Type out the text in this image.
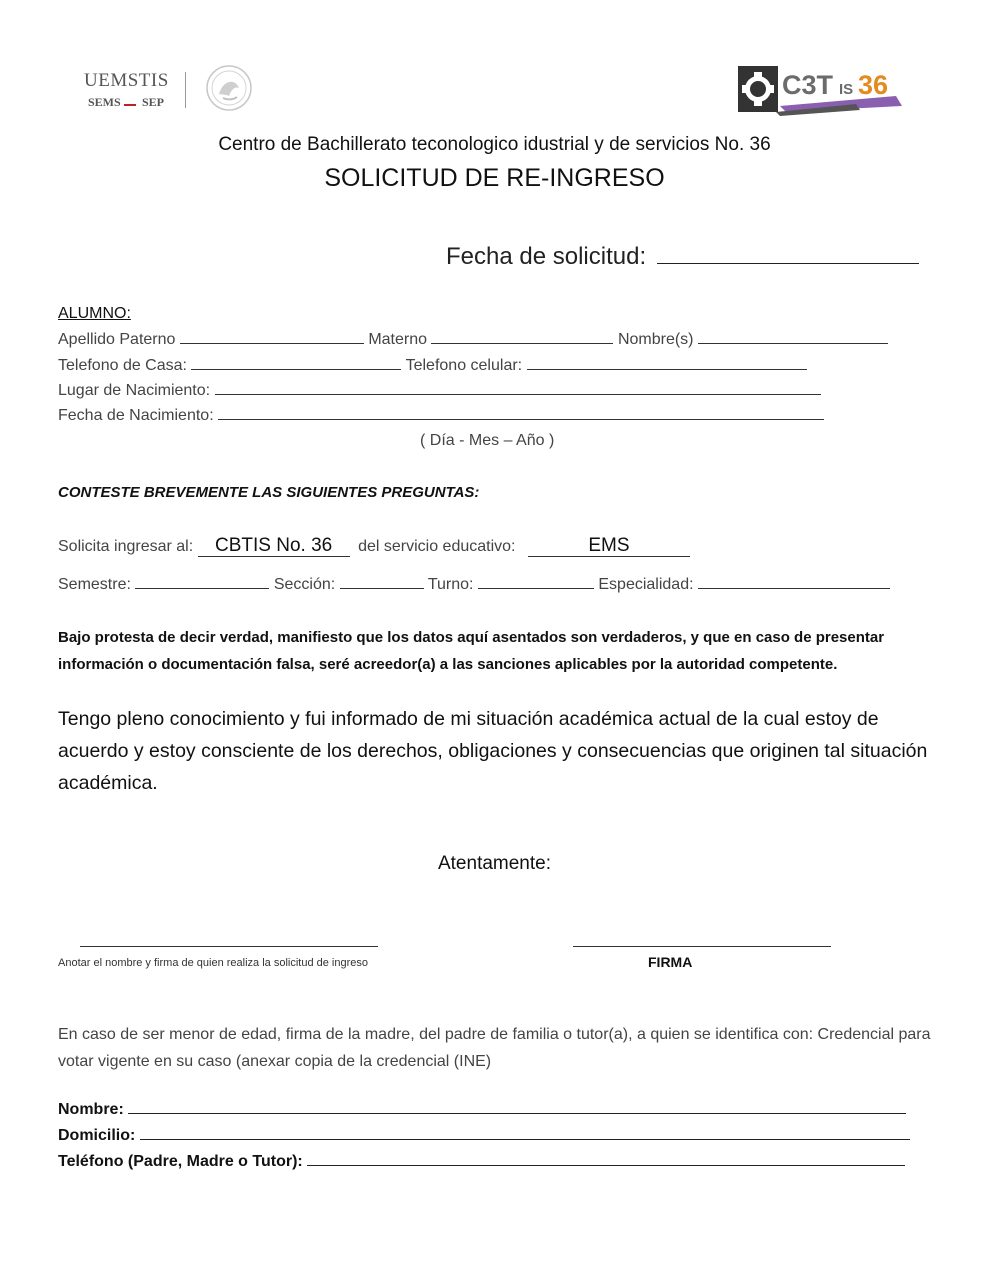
UEMSTIS
SEMS SEP
C3T IS 36
Centro de Bachillerato teconologico idustrial y de servicios No. 36
SOLICITUD DE RE-INGRESO
Fecha de solicitud:
ALUMNO:
Apellido Paterno	Materno	Nombre(s)
Telefono de Casa:	Telefono celular:
Lugar de Nacimiento:
Fecha de Nacimiento:
( Día - Mes – Año )
CONTESTE BREVEMENTE LAS SIGUIENTES PREGUNTAS:
Solicita ingresar al: CBTIS No. 36 del servicio educativo:	EMS
Semestre:	Sección:	Turno:	Especialidad:
Bajo protesta de decir verdad, manifiesto que los datos aquí asentados son verdaderos, y que en caso de presentar información o documentación falsa, seré acreedor(a) a las sanciones aplicables por la autoridad competente.
Tengo pleno conocimiento y fui informado de mi situación académica actual de la cual estoy de acuerdo y estoy consciente de los derechos, obligaciones y consecuencias que originen tal situación académica.
Atentamente:
Anotar el nombre y firma de quien realiza la solicitud de ingreso	FIRMA
En caso de ser menor de edad, firma de la madre, del padre de familia o tutor(a), a quien se identifica con: Credencial para votar vigente en su caso (anexar copia de la credencial (INE)
Nombre:
Domicilio:
Teléfono (Padre, Madre o Tutor):
